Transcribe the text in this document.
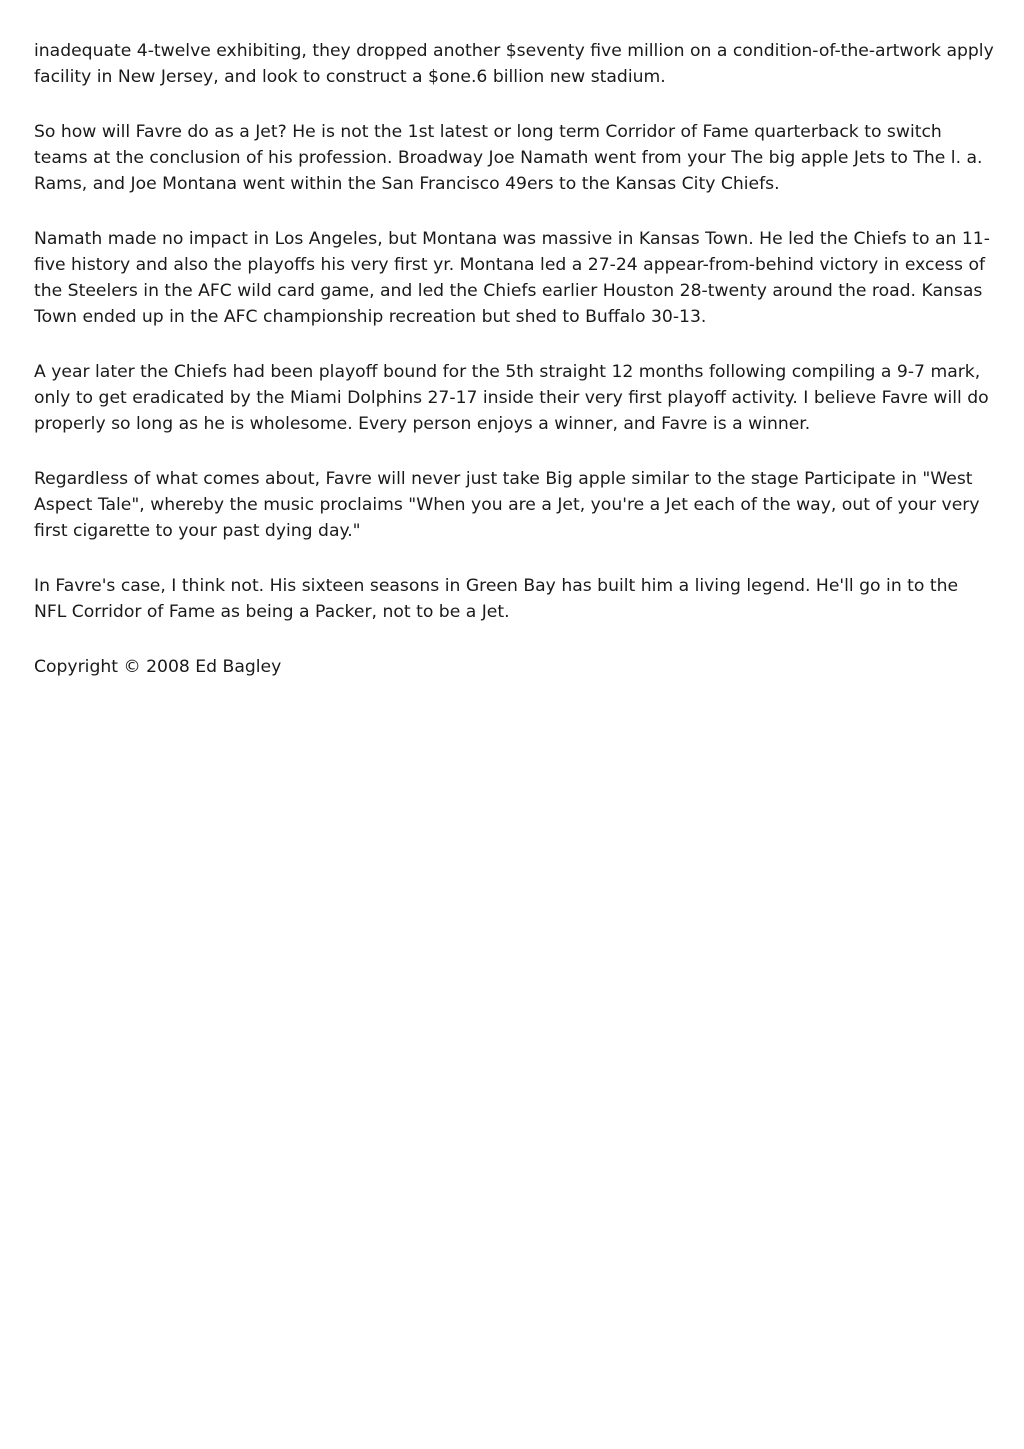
inadequate 4-twelve exhibiting, they dropped another $seventy five million on a condition-of-the-artwork apply facility in New Jersey, and look to construct a $one.6 billion new stadium.

So how will Favre do as a Jet? He is not the 1st latest or long term Corridor of Fame quarterback to switch teams at the conclusion of his profession. Broadway Joe Namath went from your The big apple Jets to The l. a. Rams, and Joe Montana went within the San Francisco 49ers to the Kansas City Chiefs.

Namath made no impact in Los Angeles, but Montana was massive in Kansas Town. He led the Chiefs to an 11-five history and also the playoffs his very first yr. Montana led a 27-24 appear-from-behind victory in excess of the Steelers in the AFC wild card game, and led the Chiefs earlier Houston 28-twenty around the road. Kansas Town ended up in the AFC championship recreation but shed to Buffalo 30-13.

A year later the Chiefs had been playoff bound for the 5th straight 12 months following compiling a 9-7 mark, only to get eradicated by the Miami Dolphins 27-17 inside their very first playoff activity. I believe Favre will do properly so long as he is wholesome. Every person enjoys a winner, and Favre is a winner.

Regardless of what comes about, Favre will never just take Big apple similar to the stage Participate in "West Aspect Tale", whereby the music proclaims "When you are a Jet, you're a Jet each of the way, out of your very first cigarette to your past dying day."

In Favre's case, I think not. His sixteen seasons in Green Bay has built him a living legend. He'll go in to the NFL Corridor of Fame as being a Packer, not to be a Jet.

Copyright © 2008 Ed Bagley
